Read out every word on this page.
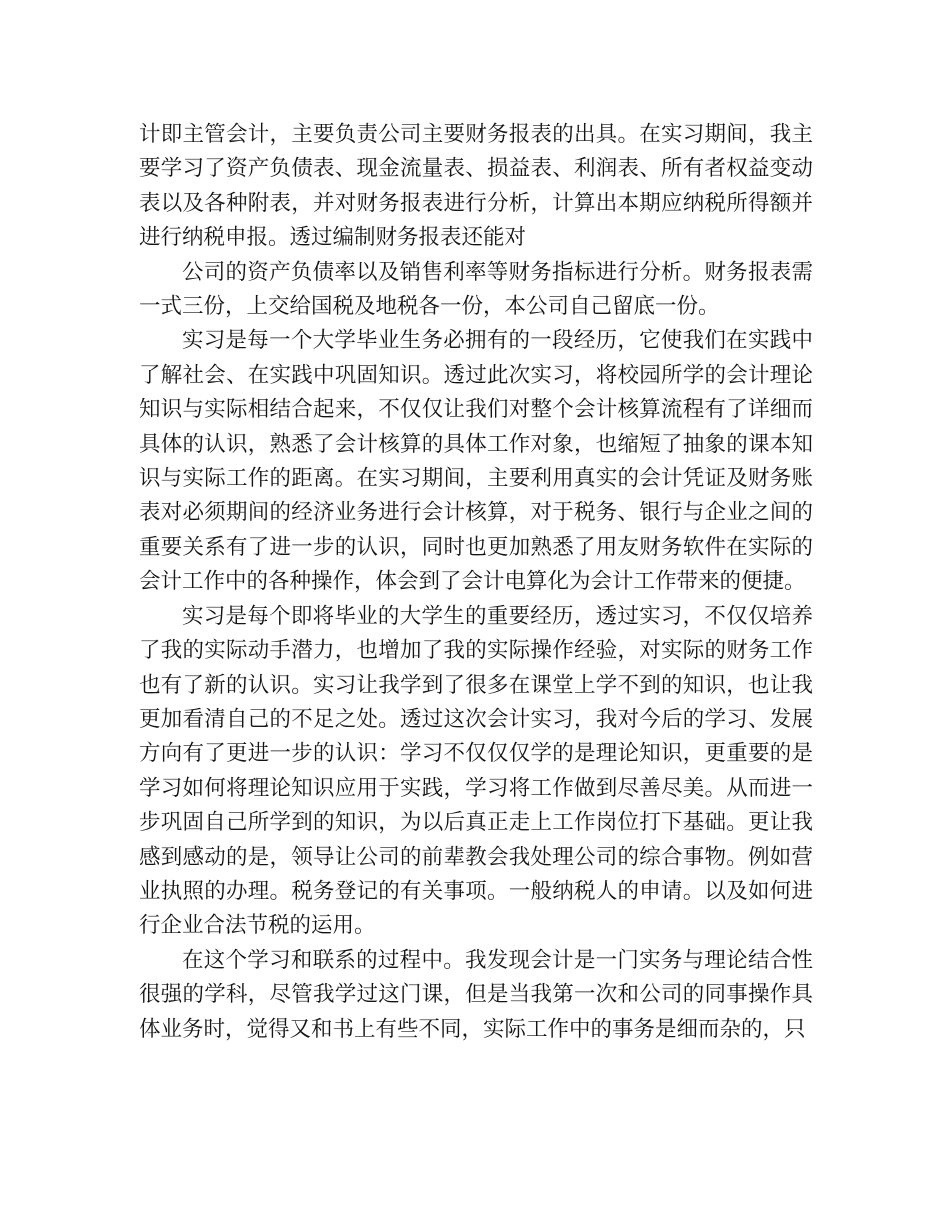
计即主管会计，主要负责公司主要财务报表的出具。在实习期间，我主要学习了资产负债表、现金流量表、损益表、利润表、所有者权益变动表以及各种附表，并对财务报表进行分析，计算出本期应纳税所得额并进行纳税申报。透过编制财务报表还能对

公司的资产负债率以及销售利率等财务指标进行分析。财务报表需一式三份，上交给国税及地税各一份，本公司自己留底一份。

实习是每一个大学毕业生务必拥有的一段经历，它使我们在实践中了解社会、在实践中巩固知识。透过此次实习，将校园所学的会计理论知识与实际相结合起来，不仅仅让我们对整个会计核算流程有了详细而具体的认识，熟悉了会计核算的具体工作对象，也缩短了抽象的课本知识与实际工作的距离。在实习期间，主要利用真实的会计凭证及财务账表对必须期间的经济业务进行会计核算，对于税务、银行与企业之间的重要关系有了进一步的认识，同时也更加熟悉了用友财务软件在实际的会计工作中的各种操作，体会到了会计电算化为会计工作带来的便捷。

实习是每个即将毕业的大学生的重要经历，透过实习，不仅仅培养了我的实际动手潜力，也增加了我的实际操作经验，对实际的财务工作也有了新的认识。实习让我学到了很多在课堂上学不到的知识，也让我更加看清自己的不足之处。透过这次会计实习，我对今后的学习、发展方向有了更进一步的认识：学习不仅仅仅学的是理论知识，更重要的是学习如何将理论知识应用于实践，学习将工作做到尽善尽美。从而进一步巩固自己所学到的知识，为以后真正走上工作岗位打下基础。更让我感到感动的是，领导让公司的前辈教会我处理公司的综合事物。例如营业执照的办理。税务登记的有关事项。一般纳税人的申请。以及如何进行企业合法节税的运用。

在这个学习和联系的过程中。我发现会计是一门实务与理论结合性很强的学科，尽管我学过这门课，但是当我第一次和公司的同事操作具体业务时，觉得又和书上有些不同，实际工作中的事务是细而杂的，只
